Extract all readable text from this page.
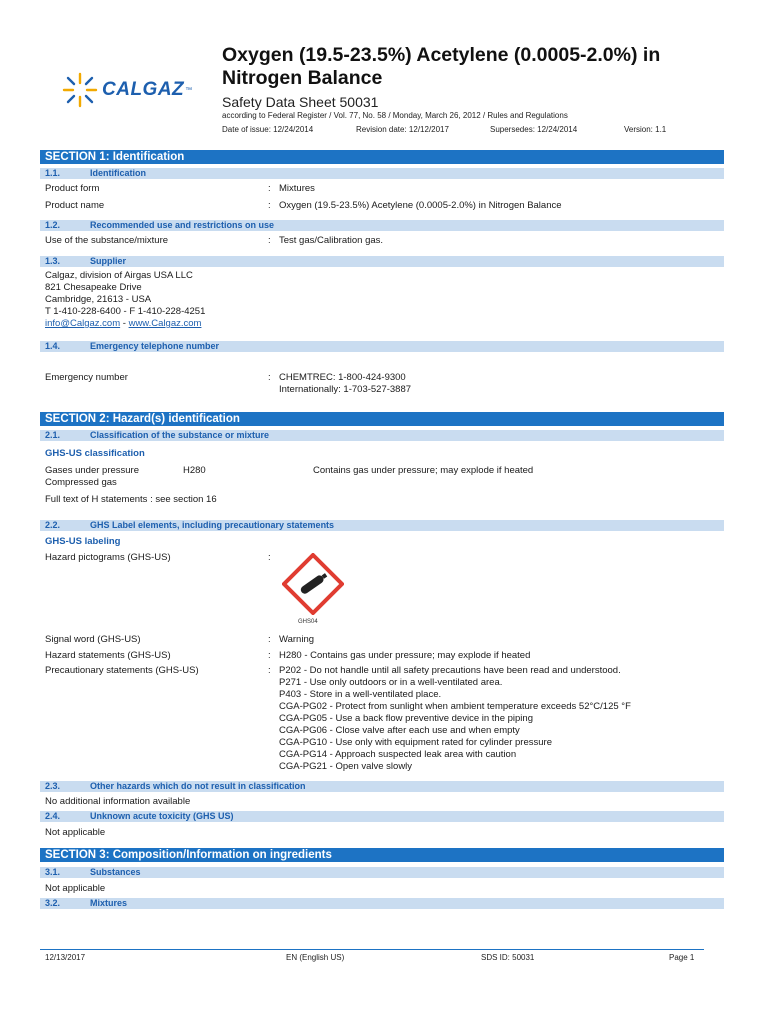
CALGAZ ™
Oxygen (19.5-23.5%) Acetylene (0.0005-2.0%) in Nitrogen Balance
Safety Data Sheet 50031
according to Federal Register / Vol. 77, No. 58 / Monday, March 26, 2012 / Rules and Regulations
Date of issue: 12/24/2014	Revision date: 12/12/2017	Supersedes: 12/24/2014	Version: 1.1
SECTION 1: Identification
1.1.	Identification
Product form	: Mixtures
Product name	: Oxygen (19.5-23.5%) Acetylene (0.0005-2.0%) in Nitrogen Balance
1.2.	Recommended use and restrictions on use
Use of the substance/mixture	: Test gas/Calibration gas.
1.3.	Supplier
Calgaz, division of Airgas USA LLC
821 Chesapeake Drive
Cambridge, 21613 - USA
T 1-410-228-6400 - F 1-410-228-4251
info@Calgaz.com - www.Calgaz.com
1.4.	Emergency telephone number
Emergency number	: CHEMTREC: 1-800-424-9300
Internationally: 1-703-527-3887
SECTION 2: Hazard(s) identification
2.1.	Classification of the substance or mixture
GHS-US classification
Gases under pressure	H280	Contains gas under pressure; may explode if heated
Compressed gas
Full text of H statements : see section 16
2.2.	GHS Label elements, including precautionary statements
GHS-US labeling
Hazard pictograms (GHS-US)	:
GHS04
Signal word (GHS-US)	: Warning
Hazard statements (GHS-US)	: H280 - Contains gas under pressure; may explode if heated
Precautionary statements (GHS-US)	: P202 - Do not handle until all safety precautions have been read and understood.
P271 - Use only outdoors or in a well-ventilated area.
P403 - Store in a well-ventilated place.
CGA-PG02 - Protect from sunlight when ambient temperature exceeds 52°C/125 °F
CGA-PG05 - Use a back flow preventive device in the piping
CGA-PG06 - Close valve after each use and when empty
CGA-PG10 - Use only with equipment rated for cylinder pressure
CGA-PG14 - Approach suspected leak area with caution
CGA-PG21 - Open valve slowly
2.3.	Other hazards which do not result in classification
No additional information available
2.4.	Unknown acute toxicity (GHS US)
Not applicable
SECTION 3: Composition/Information on ingredients
3.1.	Substances
Not applicable
3.2.	Mixtures
12/13/2017	EN (English US)	SDS ID: 50031	Page 1
